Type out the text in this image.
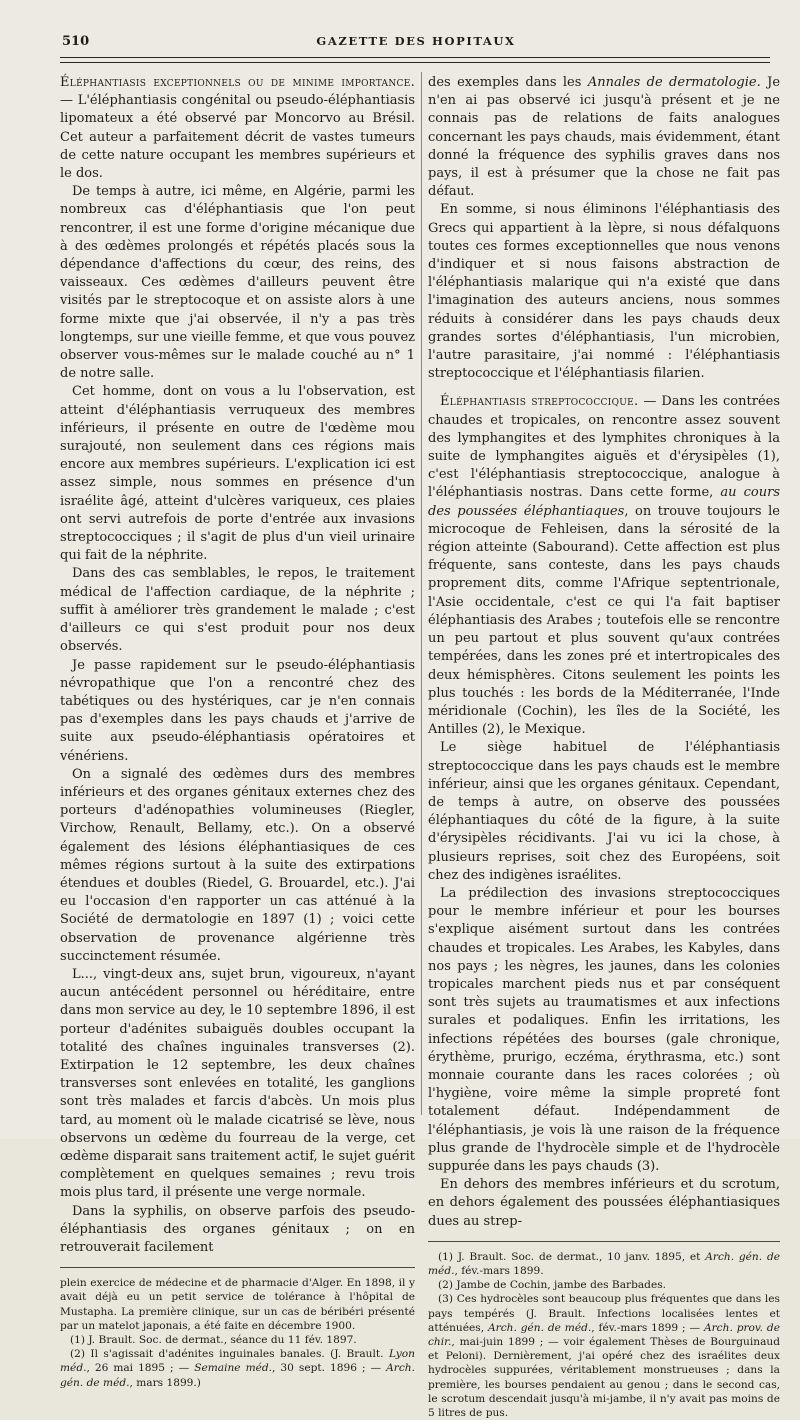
510	GAZETTE DES HOPITAUX

Éléphantiasis exceptionnels ou de minime importance. — L'éléphantiasis congénital ou pseudo-éléphantiasis lipomateux a été observé par Moncorvo au Brésil. Cet auteur a parfaitement décrit de vastes tumeurs de cette nature occupant les membres supérieurs et le dos.

De temps à autre, ici même, en Algérie, parmi les nombreux cas d'éléphantiasis que l'on peut rencontrer, il est une forme d'origine mécanique due à des œdèmes prolongés et répétés placés sous la dépendance d'affections du cœur, des reins, des vaisseaux. Ces œdèmes d'ailleurs peuvent être visités par le streptocoque et on assiste alors à une forme mixte que j'ai observée, il n'y a pas très longtemps, sur une vieille femme, et que vous pouvez observer vous-mêmes sur le malade couché au n° 1 de notre salle.

Cet homme, dont on vous a lu l'observation, est atteint d'éléphantiasis verruqueux des membres inférieurs, il présente en outre de l'œdème mou surajouté, non seulement dans ces régions mais encore aux membres supérieurs. L'explication ici est assez simple, nous sommes en présence d'un israélite âgé, atteint d'ulcères variqueux, ces plaies ont servi autrefois de porte d'entrée aux invasions streptococciques ; il s'agit de plus d'un vieil urinaire qui fait de la néphrite.

Dans des cas semblables, le repos, le traitement médical de l'affection cardiaque, de la néphrite ; suffit à améliorer très grandement le malade ; c'est d'ailleurs ce qui s'est produit pour nos deux observés.

Je passe rapidement sur le pseudo-éléphantiasis névropathique que l'on a rencontré chez des tabétiques ou des hystériques, car je n'en connais pas d'exemples dans les pays chauds et j'arrive de suite aux pseudo-éléphantiasis opératoires et vénériens.

On a signalé des œdèmes durs des membres inférieurs et des organes génitaux externes chez des porteurs d'adénopathies volumineuses (Riegler, Virchow, Renault, Bellamy, etc.). On a observé également des lésions éléphantiasiques de ces mêmes régions surtout à la suite des extirpations étendues et doubles (Riedel, G. Brouardel, etc.). J'ai eu l'occasion d'en rapporter un cas atténué à la Société de dermatologie en 1897 (1) ; voici cette observation de provenance algérienne très succinctement résumée.

L..., vingt-deux ans, sujet brun, vigoureux, n'ayant aucun antécédent personnel ou héréditaire, entre dans mon service au dey, le 10 septembre 1896, il est porteur d'adénites subaiguës doubles occupant la totalité des chaînes inguinales transverses (2). Extirpation le 12 septembre, les deux chaînes transverses sont enlevées en totalité, les ganglions sont très malades et farcis d'abcès. Un mois plus tard, au moment où le malade cicatrisé se lève, nous observons un œdème du fourreau de la verge, cet œdème disparait sans traitement actif, le sujet guérit complètement en quelques semaines ; revu trois mois plus tard, il présente une verge normale.

Dans la syphilis, on observe parfois des pseudo-éléphantiasis des organes génitaux ; on en retrouverait facilement

plein exercice de médecine et de pharmacie d'Alger. En 1898, il y avait déjà eu un petit service de tolérance à l'hôpital de Mustapha. La première clinique, sur un cas de béribéri présenté par un matelot japonais, a été faite en décembre 1900.

(1) J. Brault. Soc. de dermat., séance du 11 fév. 1897.

(2) Il s'agissait d'adénites inguinales banales. (J. Brault. Lyon méd., 26 mai 1895 ; — Semaine méd., 30 sept. 1896 ; — Arch. gén. de méd., mars 1899.)

des exemples dans les Annales de dermatologie. Je n'en ai pas observé ici jusqu'à présent et je ne connais pas de relations de faits analogues concernant les pays chauds, mais évidemment, étant donné la fréquence des syphilis graves dans nos pays, il est à présumer que la chose ne fait pas défaut.

En somme, si nous éliminons l'éléphantiasis des Grecs qui appartient à la lèpre, si nous défalquons toutes ces formes exceptionnelles que nous venons d'indiquer et si nous faisons abstraction de l'éléphantiasis malarique qui n'a existé que dans l'imagination des auteurs anciens, nous sommes réduits à considérer dans les pays chauds deux grandes sortes d'éléphantiasis, l'un microbien, l'autre parasitaire, j'ai nommé : l'éléphantiasis streptococcique et l'éléphantiasis filarien.

Éléphantiasis streptococcique. — Dans les contrées chaudes et tropicales, on rencontre assez souvent des lymphangites et des lymphites chroniques à la suite de lymphangites aiguës et d'érysipèles (1), c'est l'éléphantiasis streptococcique, analogue à l'éléphantiasis nostras. Dans cette forme, au cours des poussées éléphantiaques, on trouve toujours le microcoque de Fehleisen, dans la sérosité de la région atteinte (Sabourand). Cette affection est plus fréquente, sans conteste, dans les pays chauds proprement dits, comme l'Afrique septentrionale, l'Asie occidentale, c'est ce qui l'a fait baptiser éléphantiasis des Arabes ; toutefois elle se rencontre un peu partout et plus souvent qu'aux contrées tempérées, dans les zones pré et intertropicales des deux hémisphères. Citons seulement les points les plus touchés : les bords de la Méditerranée, l'Inde méridionale (Cochin), les îles de la Société, les Antilles (2), le Mexique.

Le siège habituel de l'éléphantiasis streptococcique dans les pays chauds est le membre inférieur, ainsi que les organes génitaux. Cependant, de temps à autre, on observe des poussées éléphantiaques du côté de la figure, à la suite d'érysipèles récidivants. J'ai vu ici la chose, à plusieurs reprises, soit chez des Européens, soit chez des indigènes israélites.

La prédilection des invasions streptococciques pour le membre inférieur et pour les bourses s'explique aisément surtout dans les contrées chaudes et tropicales. Les Arabes, les Kabyles, dans nos pays ; les nègres, les jaunes, dans les colonies tropicales marchent pieds nus et par conséquent sont très sujets au traumatismes et aux infections surales et podaliques. Enfin les irritations, les infections répétées des bourses (gale chronique, érythème, prurigo, eczéma, érythrasma, etc.) sont monnaie courante dans les races colorées ; où l'hygiène, voire même la simple propreté font totalement défaut. Indépendamment de l'éléphantiasis, je vois là une raison de la fréquence plus grande de l'hydrocèle simple et de l'hydrocèle suppurée dans les pays chauds (3).

En dehors des membres inférieurs et du scrotum, en dehors également des poussées éléphantiasiques dues au strep-

(1) J. Brault. Soc. de dermat., 10 janv. 1895, et Arch. gén. de méd., fév.-mars 1899.

(2) Jambe de Cochin, jambe des Barbades.

(3) Ces hydrocèles sont beaucoup plus fréquentes que dans les pays tempérés (J. Brault. Infections localisées lentes et atténuées, Arch. gén. de méd., fév.-mars 1899 ; — Arch. prov. de chir., mai-juin 1899 ; — voir également Thèses de Bourguinaud et Peloni). Dernièrement, j'ai opéré chez des israélites deux hydrocèles suppurées, véritablement monstrueuses ; dans la première, les bourses pendaient au genou ; dans le second cas, le scrotum descendait jusqu'à mi-jambe, il n'y avait pas moins de 5 litres de pus.
